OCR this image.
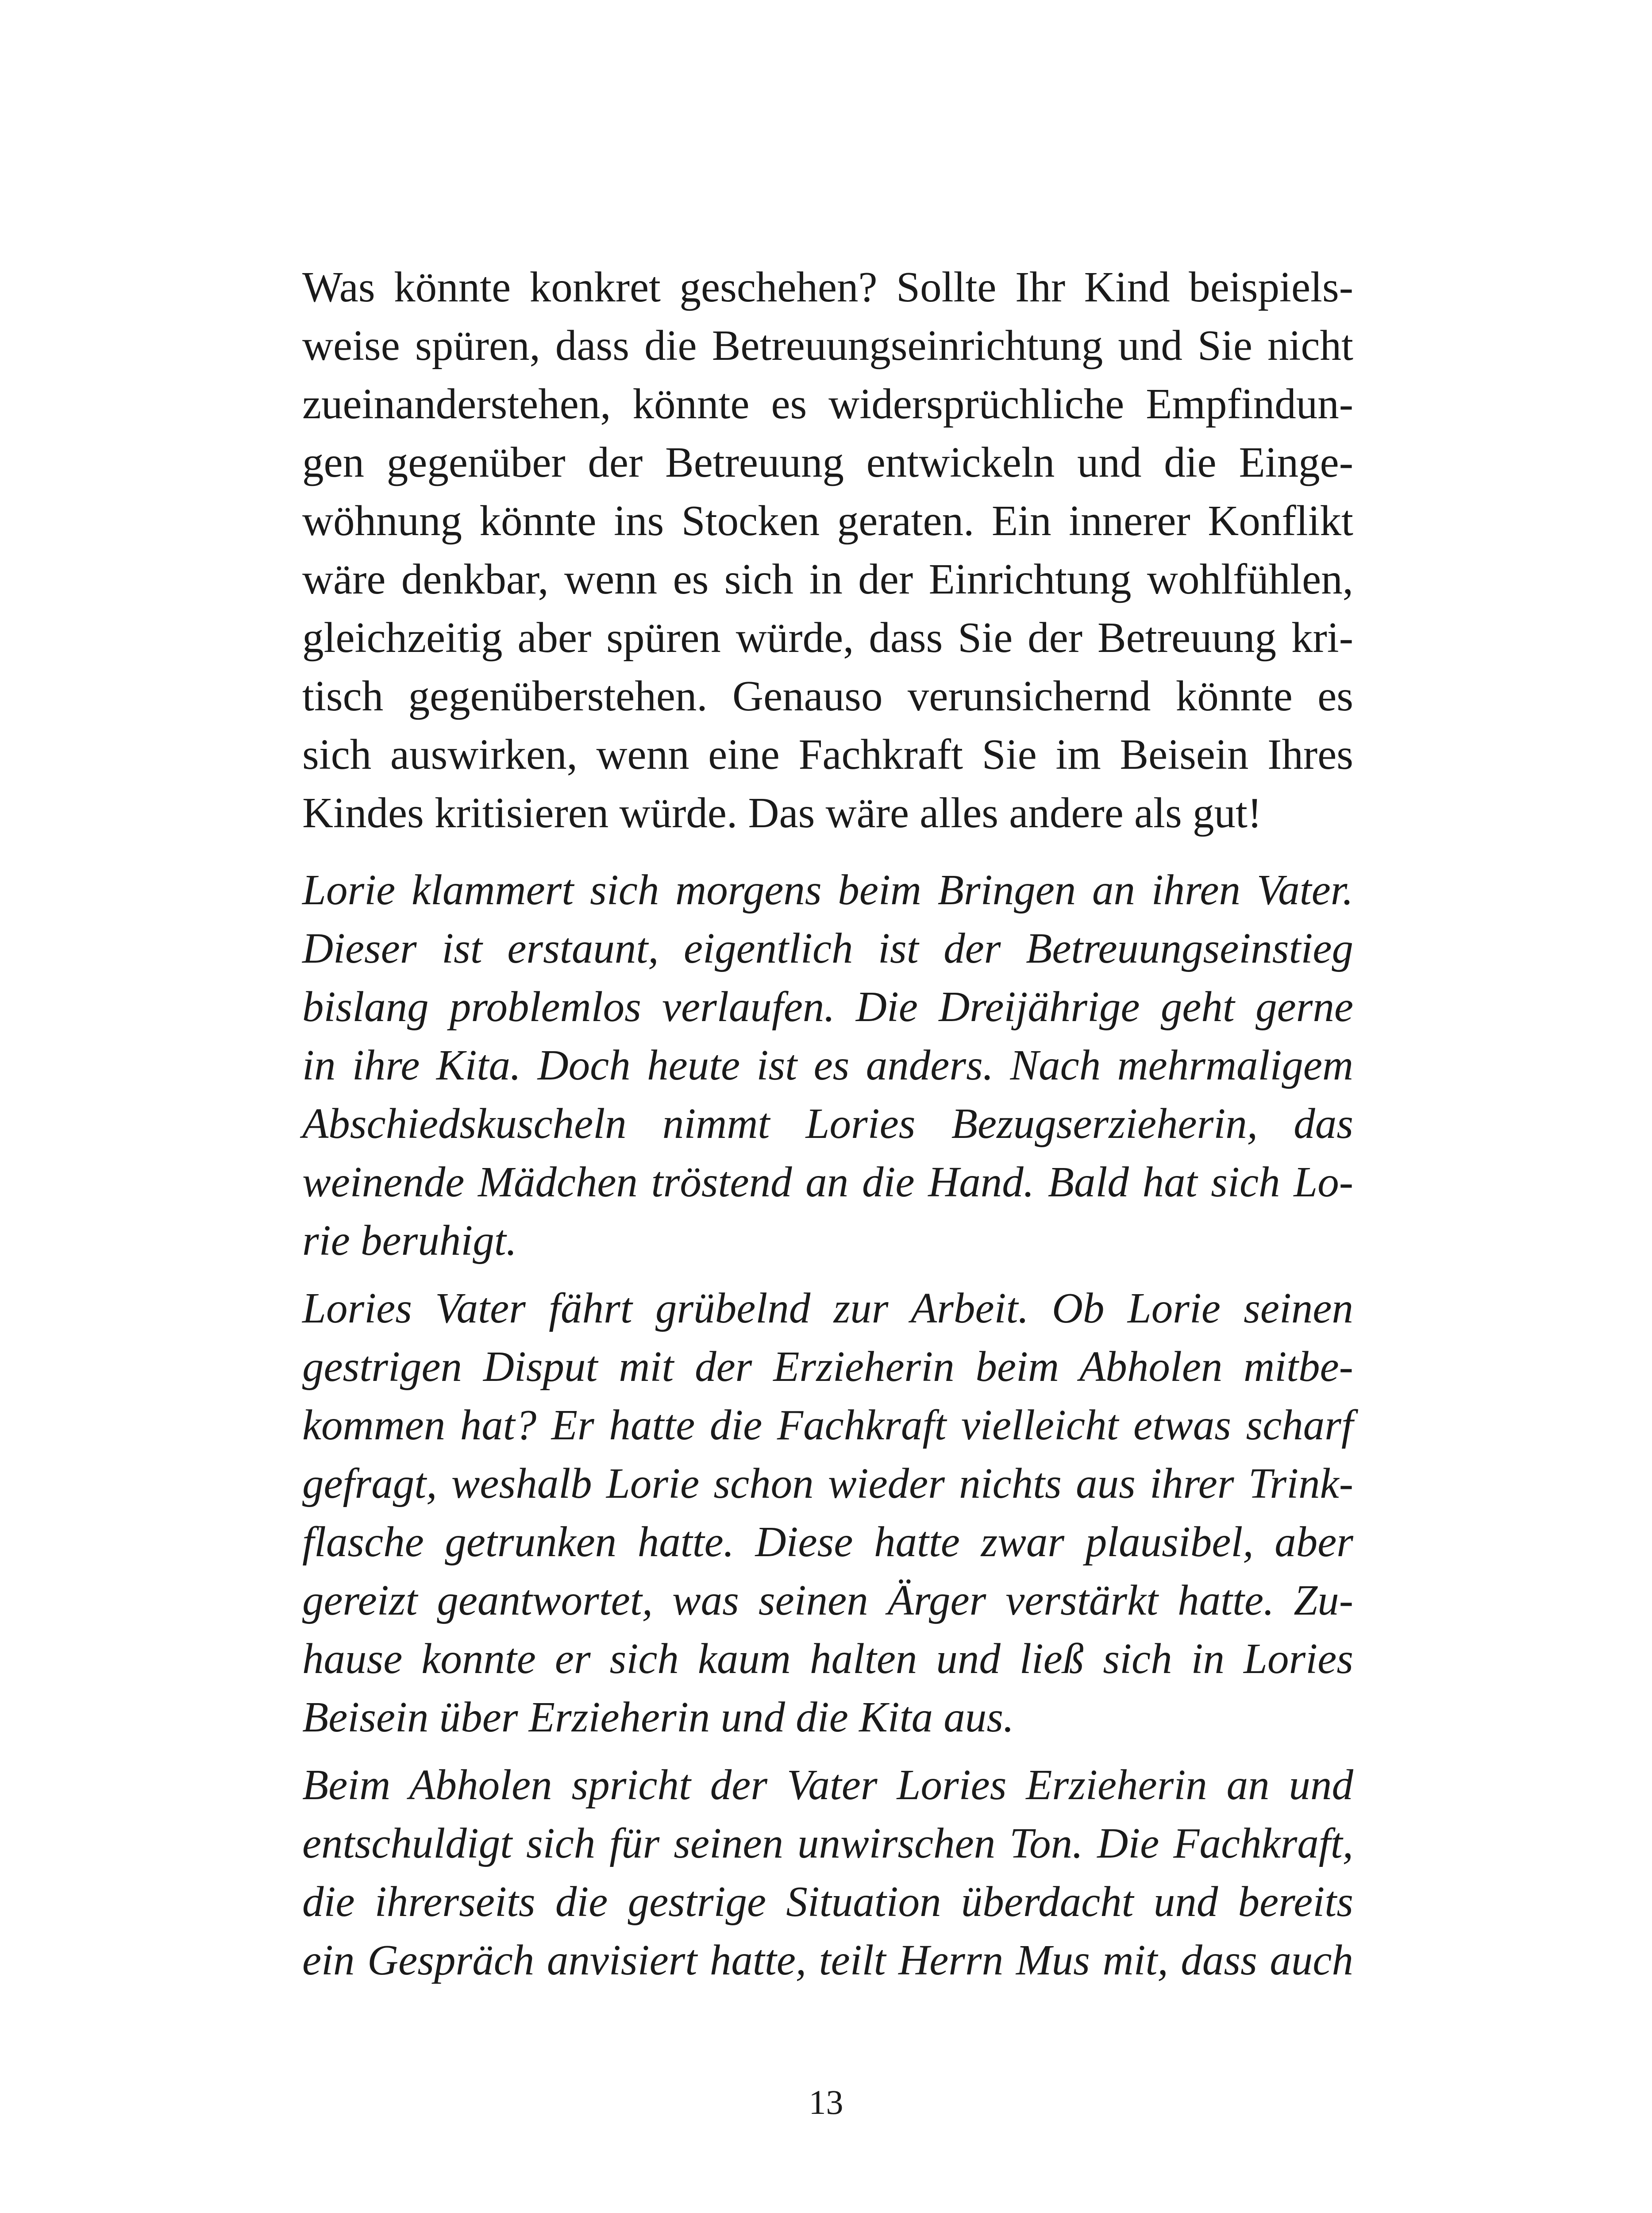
Was könnte konkret geschehen? Sollte Ihr Kind beispiels-
weise spüren, dass die Betreuungseinrichtung und Sie nicht
zueinanderstehen, könnte es widersprüchliche Empfindun-
gen gegenüber der Betreuung entwickeln und die Einge-
wöhnung könnte ins Stocken geraten. Ein innerer Konflikt
wäre denkbar, wenn es sich in der Einrichtung wohlfühlen,
gleichzeitig aber spüren würde, dass Sie der Betreuung kri-
tisch gegenüberstehen. Genauso verunsichernd könnte es
sich auswirken, wenn eine Fachkraft Sie im Beisein Ihres
Kindes kritisieren würde. Das wäre alles andere als gut!
Lorie klammert sich morgens beim Bringen an ihren Vater.
Dieser ist erstaunt, eigentlich ist der Betreuungseinstieg
bislang problemlos verlaufen. Die Dreijährige geht gerne
in ihre Kita. Doch heute ist es anders. Nach mehrmaligem
Abschiedskuscheln nimmt Lories Bezugserzieherin, das
weinende Mädchen tröstend an die Hand. Bald hat sich Lo-
rie beruhigt.
Lories Vater fährt grübelnd zur Arbeit. Ob Lorie seinen
gestrigen Disput mit der Erzieherin beim Abholen mitbe-
kommen hat? Er hatte die Fachkraft vielleicht etwas scharf
gefragt, weshalb Lorie schon wieder nichts aus ihrer Trink-
flasche getrunken hatte. Diese hatte zwar plausibel, aber
gereizt geantwortet, was seinen Ärger verstärkt hatte. Zu-
hause konnte er sich kaum halten und ließ sich in Lories
Beisein über Erzieherin und die Kita aus.
Beim Abholen spricht der Vater Lories Erzieherin an und
entschuldigt sich für seinen unwirschen Ton. Die Fachkraft,
die ihrerseits die gestrige Situation überdacht und bereits
ein Gespräch anvisiert hatte, teilt Herrn Mus mit, dass auch
13
